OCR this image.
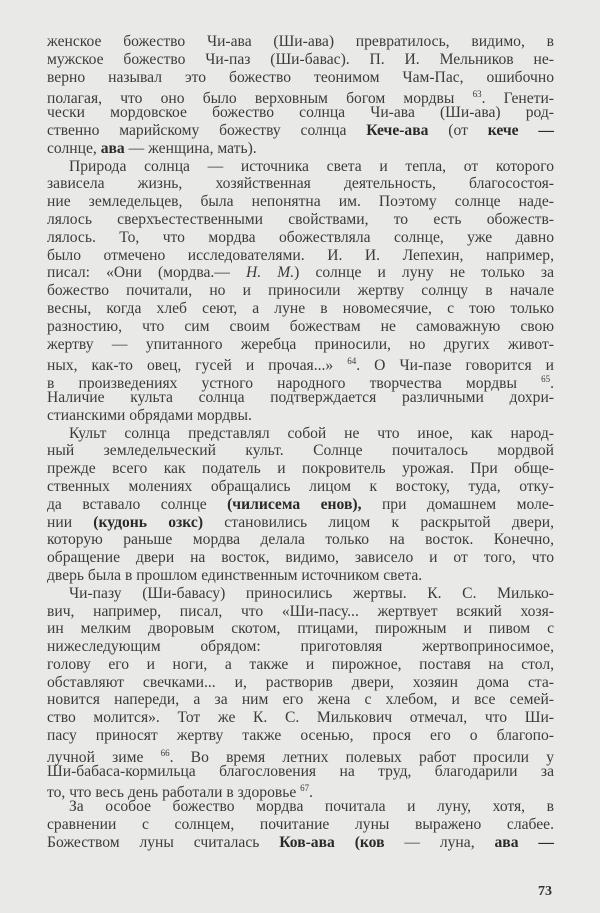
женское божество Чи-ава (Ши-ава) превратилось, видимо, в
мужское божество Чи-паз (Ши-бавас). П. И. Мельников не-
верно называл это божество теонимом Чам-Пас, ошибочно
полагая, что оно было верховным богом мордвы $^{63}$. Генети-
чески мордовское божество солнца Чи-ава (Ши-ава) род-
ственно марийскому божеству солнца Кече-ава (от кече —
солнце, ава — женщина, мать).
Природа солнца — источника света и тепла, от которого
зависела жизнь, хозяйственная деятельность, благосостоя-
ние земледельцев, была непонятна им. Поэтому солнце наде-
лялось сверхъестественными свойствами, то есть обожеств-
лялось. То, что мордва обожествляла солнце, уже давно
было отмечено исследователями. И. И. Лепехин, например,
писал: «Они (мордва.— Н. М.) солнце и луну не только за
божество почитали, но и приносили жертву солнцу в начале
весны, когда хлеб сеют, а луне в новомесячие, с тою только
разностию, что сим своим божествам не самоважную свою
жертву — упитанного жеребца приносили, но других живот-
ных, как-то овец, гусей и прочая...» $^{64}$. О Чи-пазе говорится и
в произведениях устного народного творчества мордвы $^{65}$.
Наличие культа солнца подтверждается различными дохри-
стианскими обрядами мордвы.
Культ солнца представлял собой не что иное, как народ-
ный земледельческий культ. Солнце почиталось мордвой
прежде всего как податель и покровитель урожая. При обще-
ственных молениях обращались лицом к востоку, туда, отку-
да вставало солнце (чилисема енов), при домашнем моле-
нии (кудонь озкс) становились лицом к раскрытой двери,
которую раньше мордва делала только на восток. Конечно,
обращение двери на восток, видимо, зависело и от того, что
дверь была в прошлом единственным источником света.
Чи-пазу (Ши-бавасу) приносились жертвы. К. С. Милько-
вич, например, писал, что «Ши-пасу... жертвует всякий хозя-
ин мелким дворовым скотом, птицами, пирожным и пивом с
нижеследующим обрядом: приготовляя жертвоприносимое,
голову его и ноги, а также и пирожное, поставя на стол,
обставляют свечками... и, растворив двери, хозяин дома ста-
новится напереди, а за ним его жена с хлебом, и все семей-
ство молится». Тот же К. С. Милькович отмечал, что Ши-
пасу приносят жертву также осенью, прося его о благопо-
лучной зиме $^{66}$. Во время летних полевых работ просили у
Ши-бабаса-кормильца благословения на труд, благодарили за
то, что весь день работали в здоровье $^{67}$.
За особое божество мордва почитала и луну, хотя, в
сравнении с солнцем, почитание луны выражено слабее.
Божеством луны считалась Ков-ава (ков — луна, ава —
73
